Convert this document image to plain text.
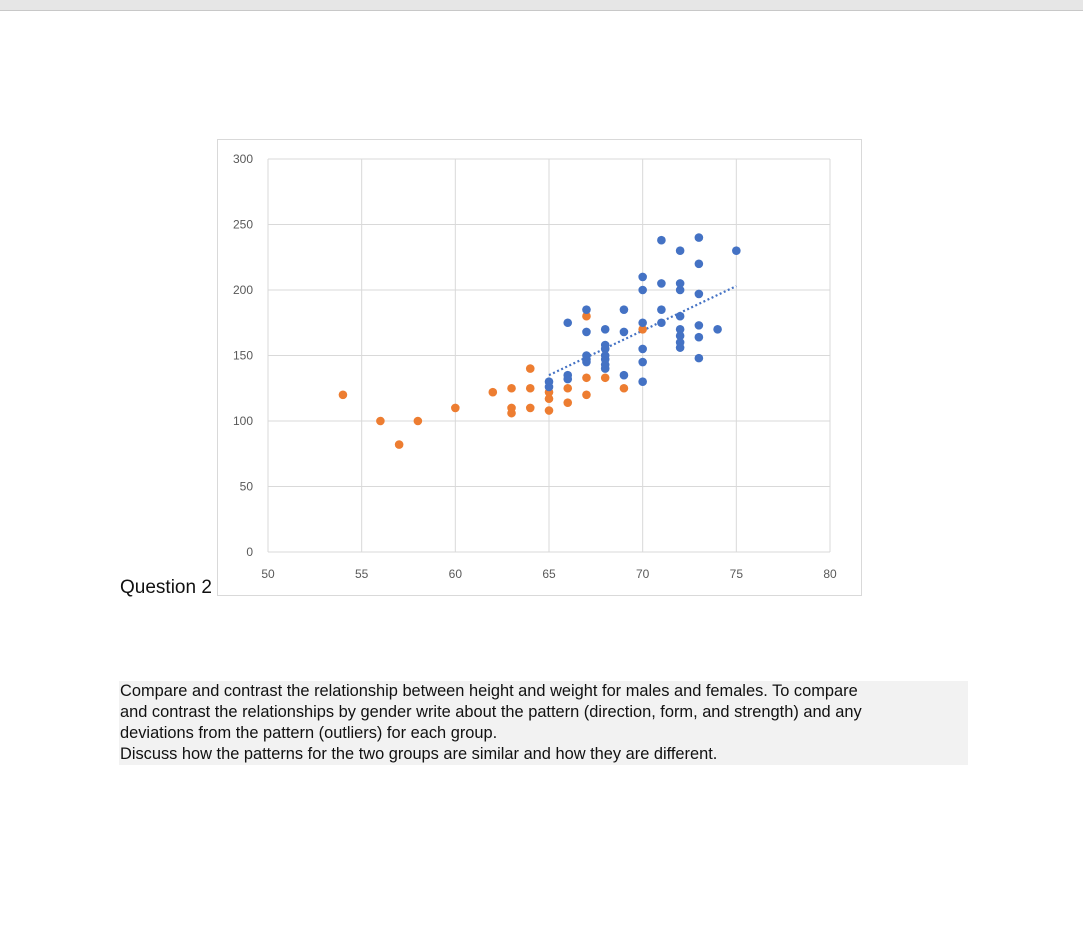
Question 2
50	55	60	65	70	75	80
0
50
100
150
200
250
300

Compare and contrast the relationship between height and weight for males and females. To compare

and contrast the relationships by gender write about the pattern (direction, form, and strength) and any

deviations from the pattern (outliers) for each group.

Discuss how the patterns for the two groups are similar and how they are different.
